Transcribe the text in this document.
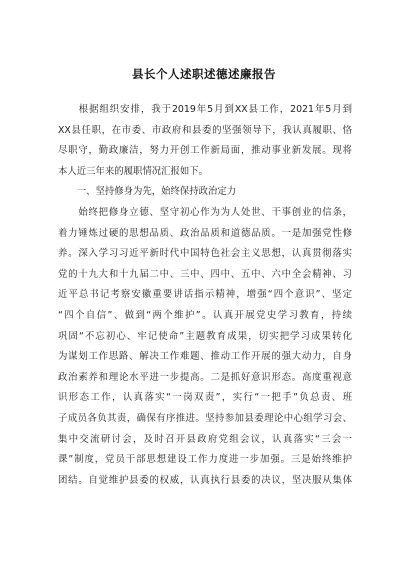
县长个人述职述德述廉报告
　　根据组织安排，我于2019年5月到XX县工作，2021年5月到
XX县任职，在市委、市政府和县委的坚强领导下，我认真履职、恪
尽职守，勤政廉洁，努力开创工作新局面，推动事业新发展。现将
本人近三年来的履职情况汇报如下。
　　一、坚持修身为先，始终保持政治定力
　　始终把修身立德、坚守初心作为为人处世、干事创业的信条，
着力锤炼过硬的思想品质、政治品质和道德品质。一是加强党性修
养。深入学习习近平新时代中国特色社会主义思想，认真贯彻落实
党的十九大和十九届二中、三中、四中、五中、六中全会精神、习
近平总书记考察安徽重要讲话指示精神，增强“四个意识”、坚定
“四个自信”、做到“两个维护”。认真开展党史学习教育，持续
巩固“不忘初心、牢记使命”主题教育成果，切实把学习成果转化
为谋划工作思路、解决工作难题、推动工作开展的强大动力，自身
政治素养和理论水平进一步提高。二是抓好意识形态。高度重视意
识形态工作，认真落实“一岗双责”，实行“一把手”负总责、班
子成员各负其责，确保有序推进。坚持参加县委理论中心组学习会、
集中交流研讨会，及时召开县政府党组会议，认真落实“三会一
课”制度，党员干部思想建设工作力度进一步加强。三是始终维护
团结。自觉维护县委的权威，认真执行县委的决议，坚决服从集体
